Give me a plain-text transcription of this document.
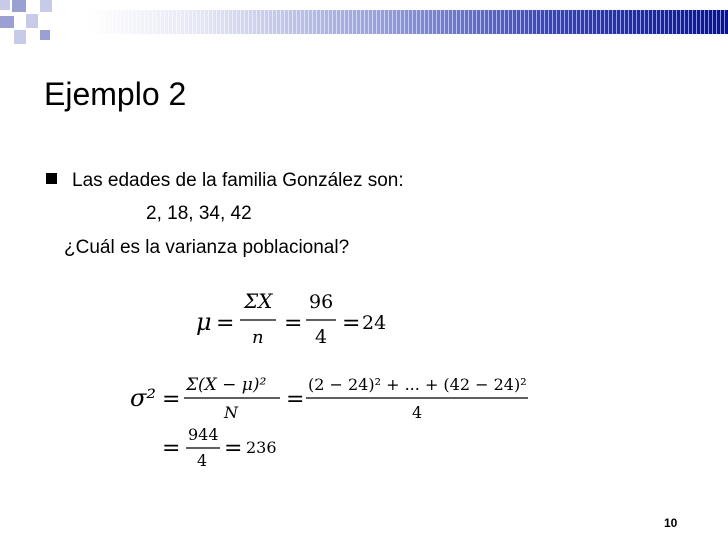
Ejemplo 2
Las edades de la familia González son:
2, 18, 34, 42
¿Cuál es la varianza poblacional?
μ =
ΣX
n
=
96
4
= 24
σ² =
Σ(X − μ)²
N
=
(2 − 24)² + ... + (42 − 24)²
4
=
944
4 = 236
10
